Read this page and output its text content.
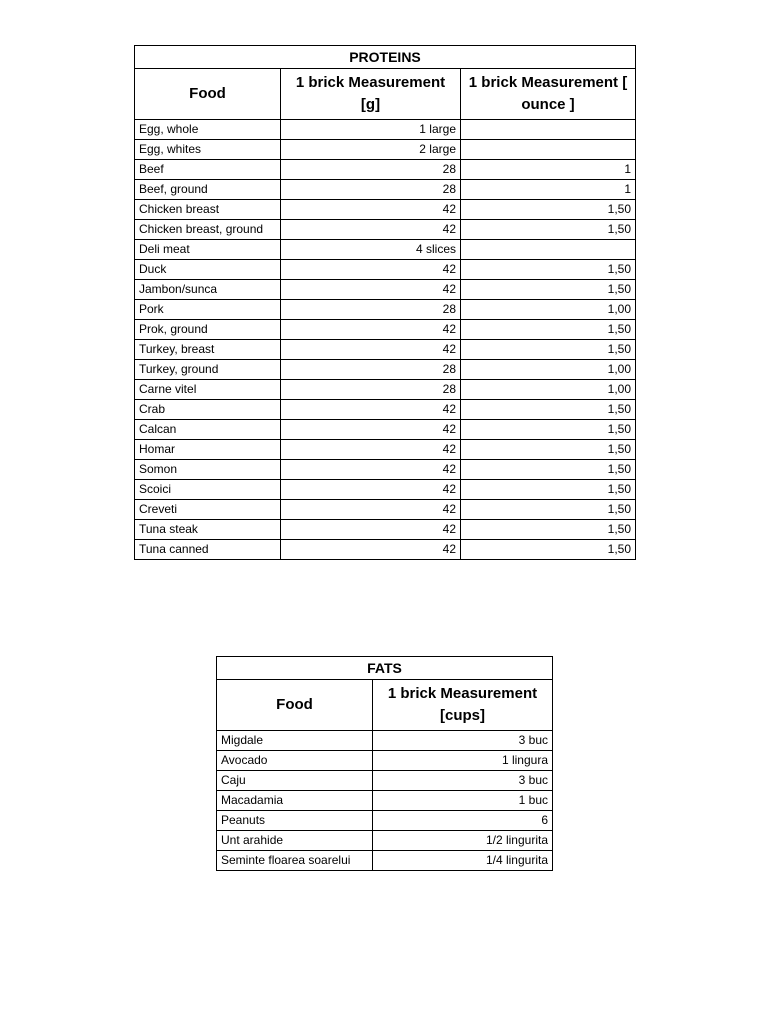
PROTEINS		
Food	1 brick Measurement [g]	1 brick Measurement [ ounce ]
Egg, whole	1 large	
Egg, whites	2 large	
Beef	28	1
Beef, ground	28	1
Chicken breast	42	1,50
Chicken breast, ground	42	1,50
Deli meat	4 slices	
Duck	42	1,50
Jambon/sunca	42	1,50
Pork	28	1,00
Prok, ground	42	1,50
Turkey, breast	42	1,50
Turkey, ground	28	1,00
Carne vitel	28	1,00
Crab	42	1,50
Calcan	42	1,50
Homar	42	1,50
Somon	42	1,50
Scoici	42	1,50
Creveti	42	1,50
Tuna steak	42	1,50
Tuna canned	42	1,50
FATS	
Food	1 brick Measurement [cups]
Migdale	3 buc
Avocado	1 lingura
Caju	3 buc
Macadamia	1 buc
Peanuts	6
Unt arahide	1/2 lingurita
Seminte floarea soarelui	1/4 lingurita
